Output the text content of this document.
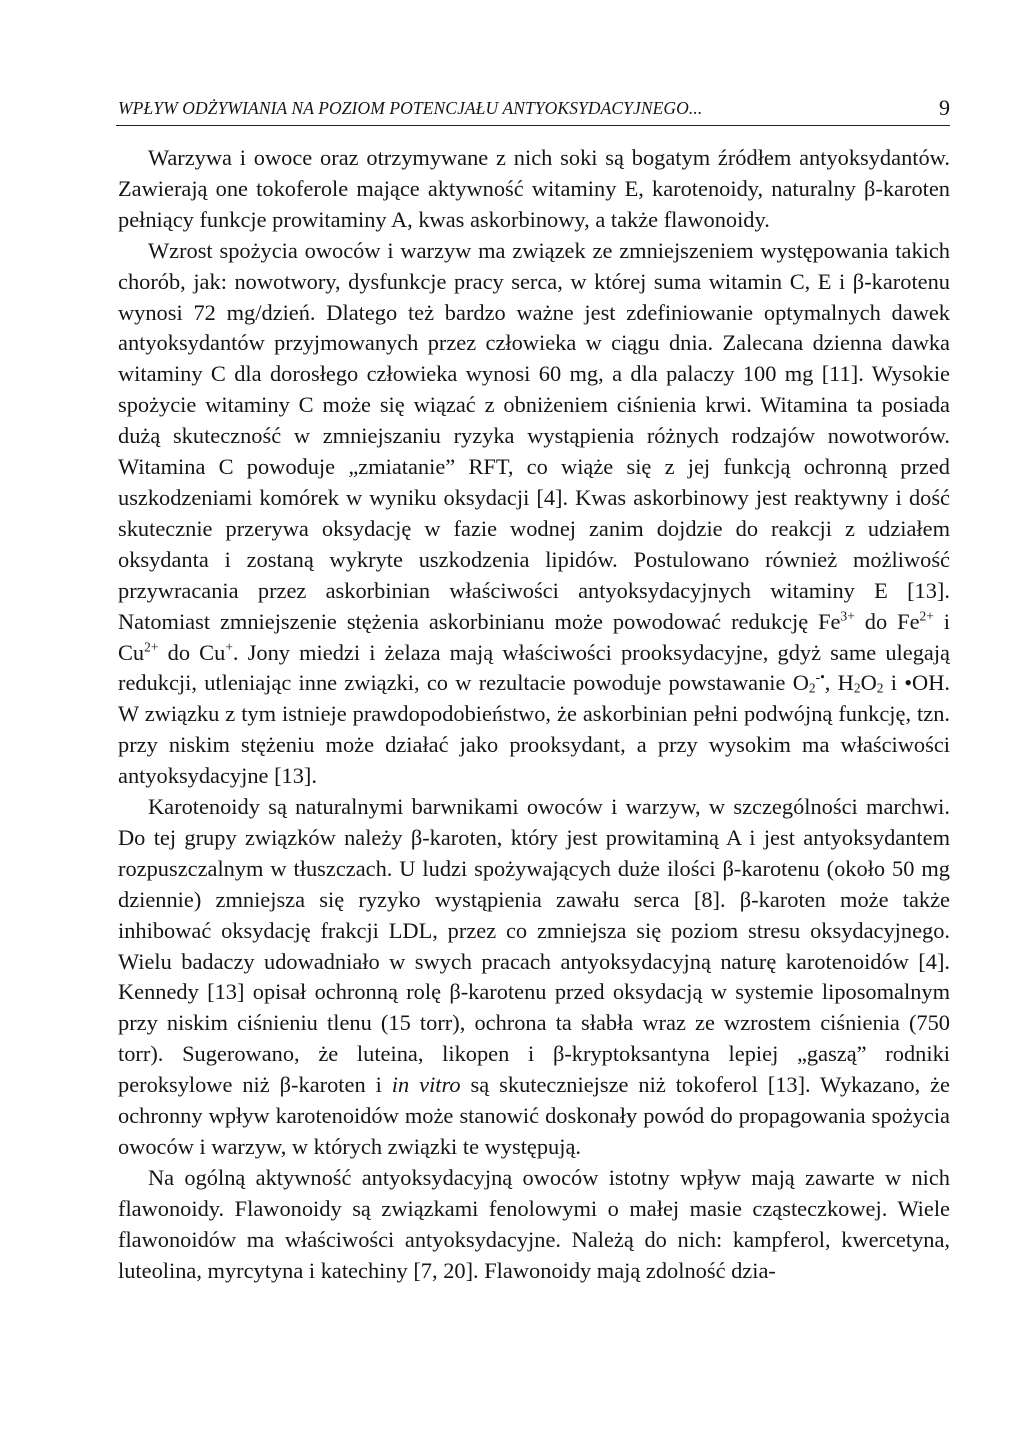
WPŁYW ODŻYWIANIA NA POZIOM POTENCJAŁU ANTYOKSYDACYJNEGO...	9

Warzywa i owoce oraz otrzymywane z nich soki są bogatym źródłem antyoksydantów. Zawierają one tokoferole mające aktywność witaminy E, karotenoidy, naturalny β-karoten pełniący funkcje prowitaminy A, kwas askorbinowy, a także flawonoidy.

Wzrost spożycia owoców i warzyw ma związek ze zmniejszeniem występowania takich chorób, jak: nowotwory, dysfunkcje pracy serca, w której suma witamin C, E i β-karotenu wynosi 72 mg/dzień. Dlatego też bardzo ważne jest zdefiniowanie optymalnych dawek antyoksydantów przyjmowanych przez człowieka w ciągu dnia. Zalecana dzienna dawka witaminy C dla dorosłego człowieka wynosi 60 mg, a dla palaczy 100 mg [11]. Wysokie spożycie witaminy C może się wiązać z obniżeniem ciśnienia krwi. Witamina ta posiada dużą skuteczność w zmniejszaniu ryzyka wystąpienia różnych rodzajów nowotworów. Witamina C powoduje „zmiatanie” RFT, co wiąże się z jej funkcją ochronną przed uszkodzeniami komórek w wyniku oksydacji [4]. Kwas askorbinowy jest reaktywny i dość skutecznie przerywa oksydację w fazie wodnej zanim dojdzie do reakcji z udziałem oksydanta i zostaną wykryte uszkodzenia lipidów. Postulowano również możliwość przywracania przez askorbinian właściwości antyoksydacyjnych witaminy E [13]. Natomiast zmniejszenie stężenia askorbinianu może powodować redukcję $Fe^{3+}$ do $Fe^{2+}$ i $Cu^{2+}$ do Cu+. Jony miedzi i żelaza mają właściwości prooksydacyjne, gdyż same ulegają redukcji, utleniając inne związki, co w rezultacie powoduje powstawanie $O_2^{-•}$, $H_2O_2$ i •OH. W związku z tym istnieje prawdopodobieństwo, że askorbinian pełni podwójną funkcję, tzn. przy niskim stężeniu może działać jako prooksydant, a przy wysokim ma właściwości antyoksydacyjne [13].

Karotenoidy są naturalnymi barwnikami owoców i warzyw, w szczególności marchwi. Do tej grupy związków należy β-karoten, który jest prowitaminą A i jest antyoksydantem rozpuszczalnym w tłuszczach. U ludzi spożywających duże ilości β-karotenu (około 50 mg dziennie) zmniejsza się ryzyko wystąpienia zawału serca [8]. β-karoten może także inhibować oksydację frakcji LDL, przez co zmniejsza się poziom stresu oksydacyjnego. Wielu badaczy udowadniało w swych pracach antyoksydacyjną naturę karotenoidów [4]. Kennedy [13] opisał ochronną rolę β-karotenu przed oksydacją w systemie liposomalnym przy niskim ciśnieniu tlenu (15 torr), ochrona ta słabła wraz ze wzrostem ciśnienia (750 torr). Sugerowano, że luteina, likopen i β-kryptoksantyna lepiej „gaszą” rodniki peroksylowe niż β-karoten i in vitro są skuteczniejsze niż tokoferol [13]. Wykazano, że ochronny wpływ karotenoidów może stanowić doskonały powód do propagowania spożycia owoców i warzyw, w których związki te występują.

Na ogólną aktywność antyoksydacyjną owoców istotny wpływ mają zawarte w nich flawonoidy. Flawonoidy są związkami fenolowymi o małej masie cząsteczkowej. Wiele flawonoidów ma właściwości antyoksydacyjne. Należą do nich: kampferol, kwercetyna, luteolina, myrcytyna i katechiny [7, 20]. Flawonoidy mają zdolność dzia-
